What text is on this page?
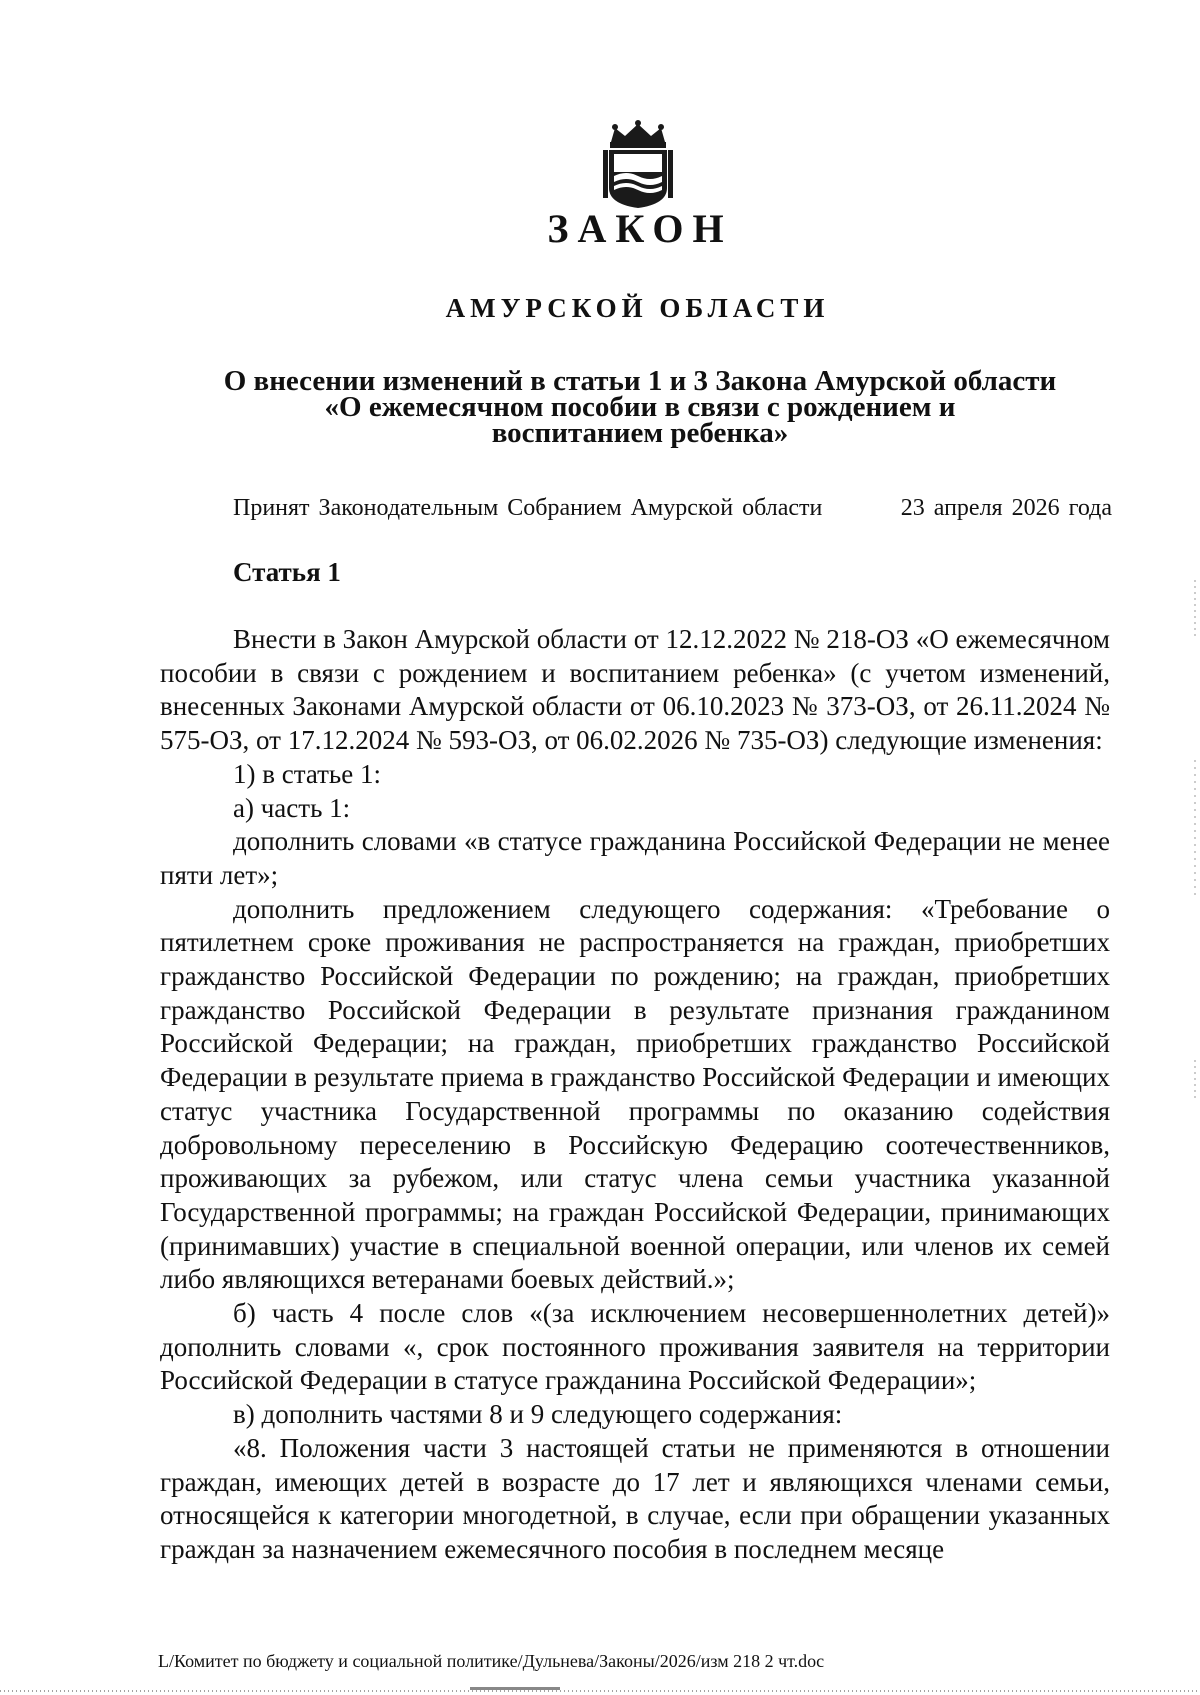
ЗАКОН
АМУРСКОЙ ОБЛАСТИ
О внесении изменений в статьи 1 и 3 Закона Амурской области
«О ежемесячном пособии в связи с рождением и
воспитанием ребенка»
Принят Законодательным Собранием Амурской области	23 апреля 2026 года
Статья 1

Внести в Закон Амурской области от 12.12.2022 № 218-ОЗ «О ежемесячном пособии в связи с рождением и воспитанием ребенка» (с учетом изменений, внесенных Законами Амурской области от 06.10.2023 № 373-ОЗ, от 26.11.2024 № 575-ОЗ, от 17.12.2024 № 593-ОЗ, от 06.02.2026 № 735-ОЗ) следующие изменения:

1) в статье 1:

а) часть 1:

дополнить словами «в статусе гражданина Российской Федерации не менее пяти лет»;

дополнить предложением следующего содержания: «Требование о пятилетнем сроке проживания не распространяется на граждан, приобретших гражданство Российской Федерации по рождению; на граждан, приобретших гражданство Российской Федерации в результате признания гражданином Российской Федерации; на граждан, приобретших гражданство Российской Федерации в результате приема в гражданство Российской Федерации и имеющих статус участника Государственной программы по оказанию содействия добровольному переселению в Российскую Федерацию соотечественников, проживающих за рубежом, или статус члена семьи участника указанной Государственной программы; на граждан Российской Федерации, принимающих (принимавших) участие в специальной военной операции, или членов их семей либо являющихся ветеранами боевых действий.»;

б) часть 4 после слов «(за исключением несовершеннолетних детей)» дополнить словами «, срок постоянного проживания заявителя на территории Российской Федерации в статусе гражданина Российской Федерации»;

в) дополнить частями 8 и 9 следующего содержания:

«8. Положения части 3 настоящей статьи не применяются в отношении граждан, имеющих детей в возрасте до 17 лет и являющихся членами семьи, относящейся к категории многодетной, в случае, если при обращении указанных граждан за назначением ежемесячного пособия в последнем месяце

L/Комитет по бюджету и социальной политике/Дульнева/Законы/2026/изм 218 2 чт.doc
